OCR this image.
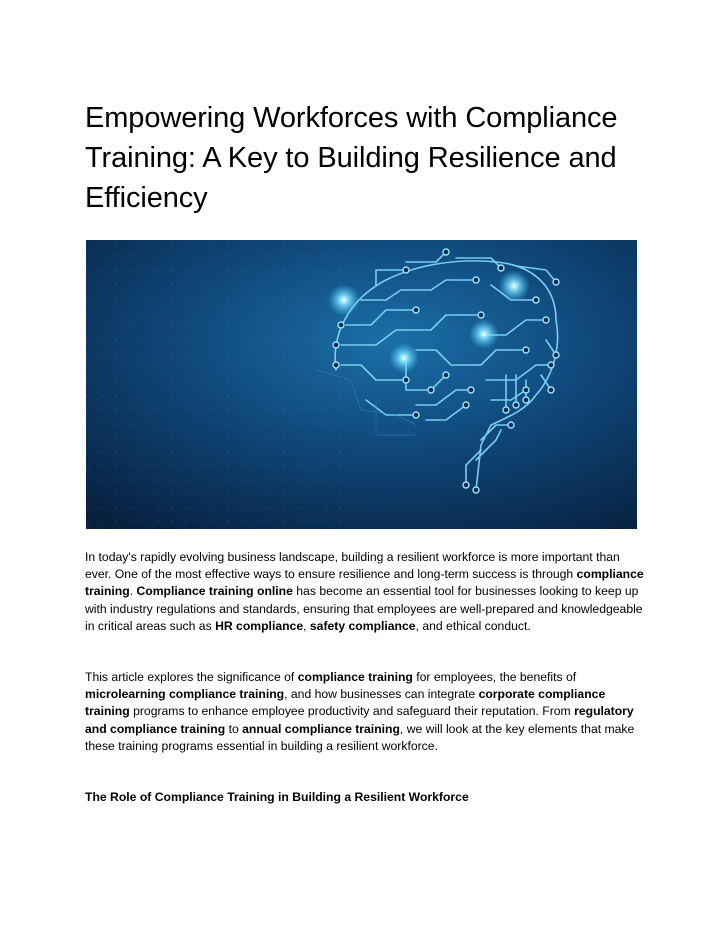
Empowering Workforces with Compliance Training: A Key to Building Resilience and Efficiency

In today's rapidly evolving business landscape, building a resilient workforce is more important than ever. One of the most effective ways to ensure resilience and long-term success is through compliance training. Compliance training online has become an essential tool for businesses looking to keep up with industry regulations and standards, ensuring that employees are well-prepared and knowledgeable in critical areas such as HR compliance, safety compliance, and ethical conduct.

This article explores the significance of compliance training for employees, the benefits of microlearning compliance training, and how businesses can integrate corporate compliance training programs to enhance employee productivity and safeguard their reputation. From regulatory and compliance training to annual compliance training, we will look at the key elements that make these training programs essential in building a resilient workforce.

The Role of Compliance Training in Building a Resilient Workforce
